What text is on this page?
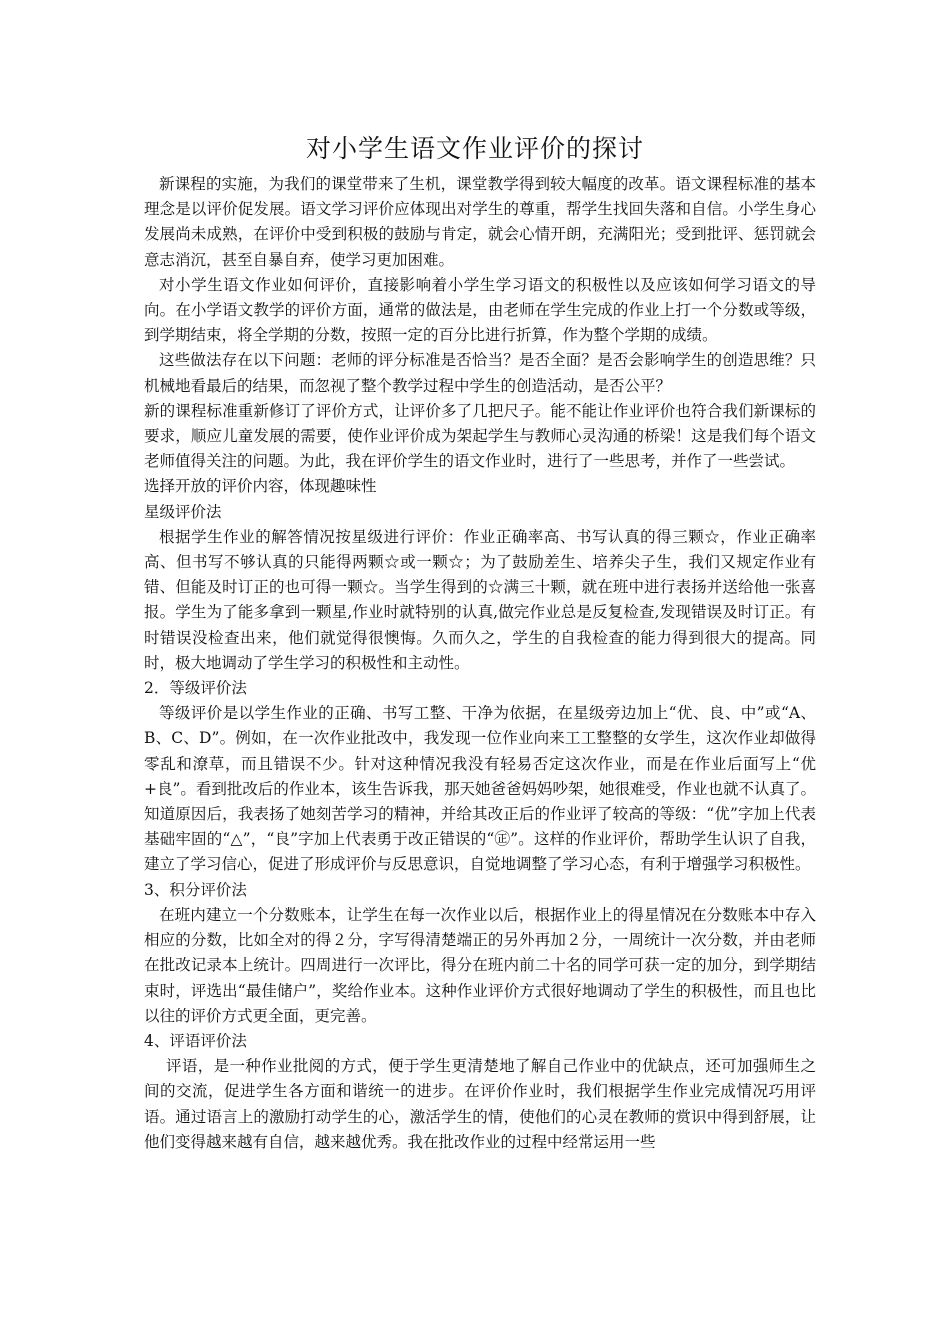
对小学生语文作业评价的探讨

新课程的实施，为我们的课堂带来了生机，课堂教学得到较大幅度的改革。语文课程标准的基本理念是以评价促发展。语文学习评价应体现出对学生的尊重，帮学生找回失落和自信。小学生身心发展尚未成熟，在评价中受到积极的鼓励与肯定，就会心情开朗，充满阳光；受到批评、惩罚就会意志消沉，甚至自暴自弃，使学习更加困难。

对小学生语文作业如何评价，直接影响着小学生学习语文的积极性以及应该如何学习语文的导向。在小学语文教学的评价方面，通常的做法是，由老师在学生完成的作业上打一个分数或等级，到学期结束，将全学期的分数，按照一定的百分比进行折算，作为整个学期的成绩。

这些做法存在以下问题：老师的评分标准是否恰当？是否全面？是否会影响学生的创造思维？只机械地看最后的结果，而忽视了整个教学过程中学生的创造活动，是否公平？

新的课程标准重新修订了评价方式，让评价多了几把尺子。能不能让作业评价也符合我们新课标的要求，顺应儿童发展的需要，使作业评价成为架起学生与教师心灵沟通的桥梁！这是我们每个语文老师值得关注的问题。为此，我在评价学生的语文作业时，进行了一些思考，并作了一些尝试。

选择开放的评价内容，体现趣味性

星级评价法

根据学生作业的解答情况按星级进行评价：作业正确率高、书写认真的得三颗☆，作业正确率高、但书写不够认真的只能得两颗☆或一颗☆；为了鼓励差生、培养尖子生，我们又规定作业有错、但能及时订正的也可得一颗☆。当学生得到的☆满三十颗，就在班中进行表扬并送给他一张喜报。学生为了能多拿到一颗星,作业时就特别的认真,做完作业总是反复检查,发现错误及时订正。有时错误没检查出来，他们就觉得很懊悔。久而久之，学生的自我检查的能力得到很大的提高。同时，极大地调动了学生学习的积极性和主动性。

2．等级评价法

等级评价是以学生作业的正确、书写工整、干净为依据，在星级旁边加上“优、良、中”或“A、B、C、D”。例如，在一次作业批改中，我发现一位作业向来工工整整的女学生，这次作业却做得零乱和潦草，而且错误不少。针对这种情况我没有轻易否定这次作业，而是在作业后面写上“优+良”。看到批改后的作业本，该生告诉我，那天她爸爸妈妈吵架，她很难受，作业也就不认真了。知道原因后，我表扬了她刻苦学习的精神，并给其改正后的作业评了较高的等级：“优”字加上代表基础牢固的“△”，“良”字加上代表勇于改正错误的“㊣”。这样的作业评价，帮助学生认识了自我，建立了学习信心，促进了形成评价与反思意识，自觉地调整了学习心态，有利于增强学习积极性。

3、积分评价法

在班内建立一个分数账本，让学生在每一次作业以后，根据作业上的得星情况在分数账本中存入相应的分数，比如全对的得２分，字写得清楚端正的另外再加２分，一周统计一次分数，并由老师在批改记录本上统计。四周进行一次评比，得分在班内前二十名的同学可获一定的加分，到学期结束时，评选出“最佳储户”，奖给作业本。这种作业评价方式很好地调动了学生的积极性，而且也比以往的评价方式更全面，更完善。

4、评语评价法

评语，是一种作业批阅的方式，便于学生更清楚地了解自己作业中的优缺点，还可加强师生之间的交流，促进学生各方面和谐统一的进步。在评价作业时，我们根据学生作业完成情况巧用评语。通过语言上的激励打动学生的心，激活学生的情，使他们的心灵在教师的赏识中得到舒展，让他们变得越来越有自信，越来越优秀。我在批改作业的过程中经常运用一些
